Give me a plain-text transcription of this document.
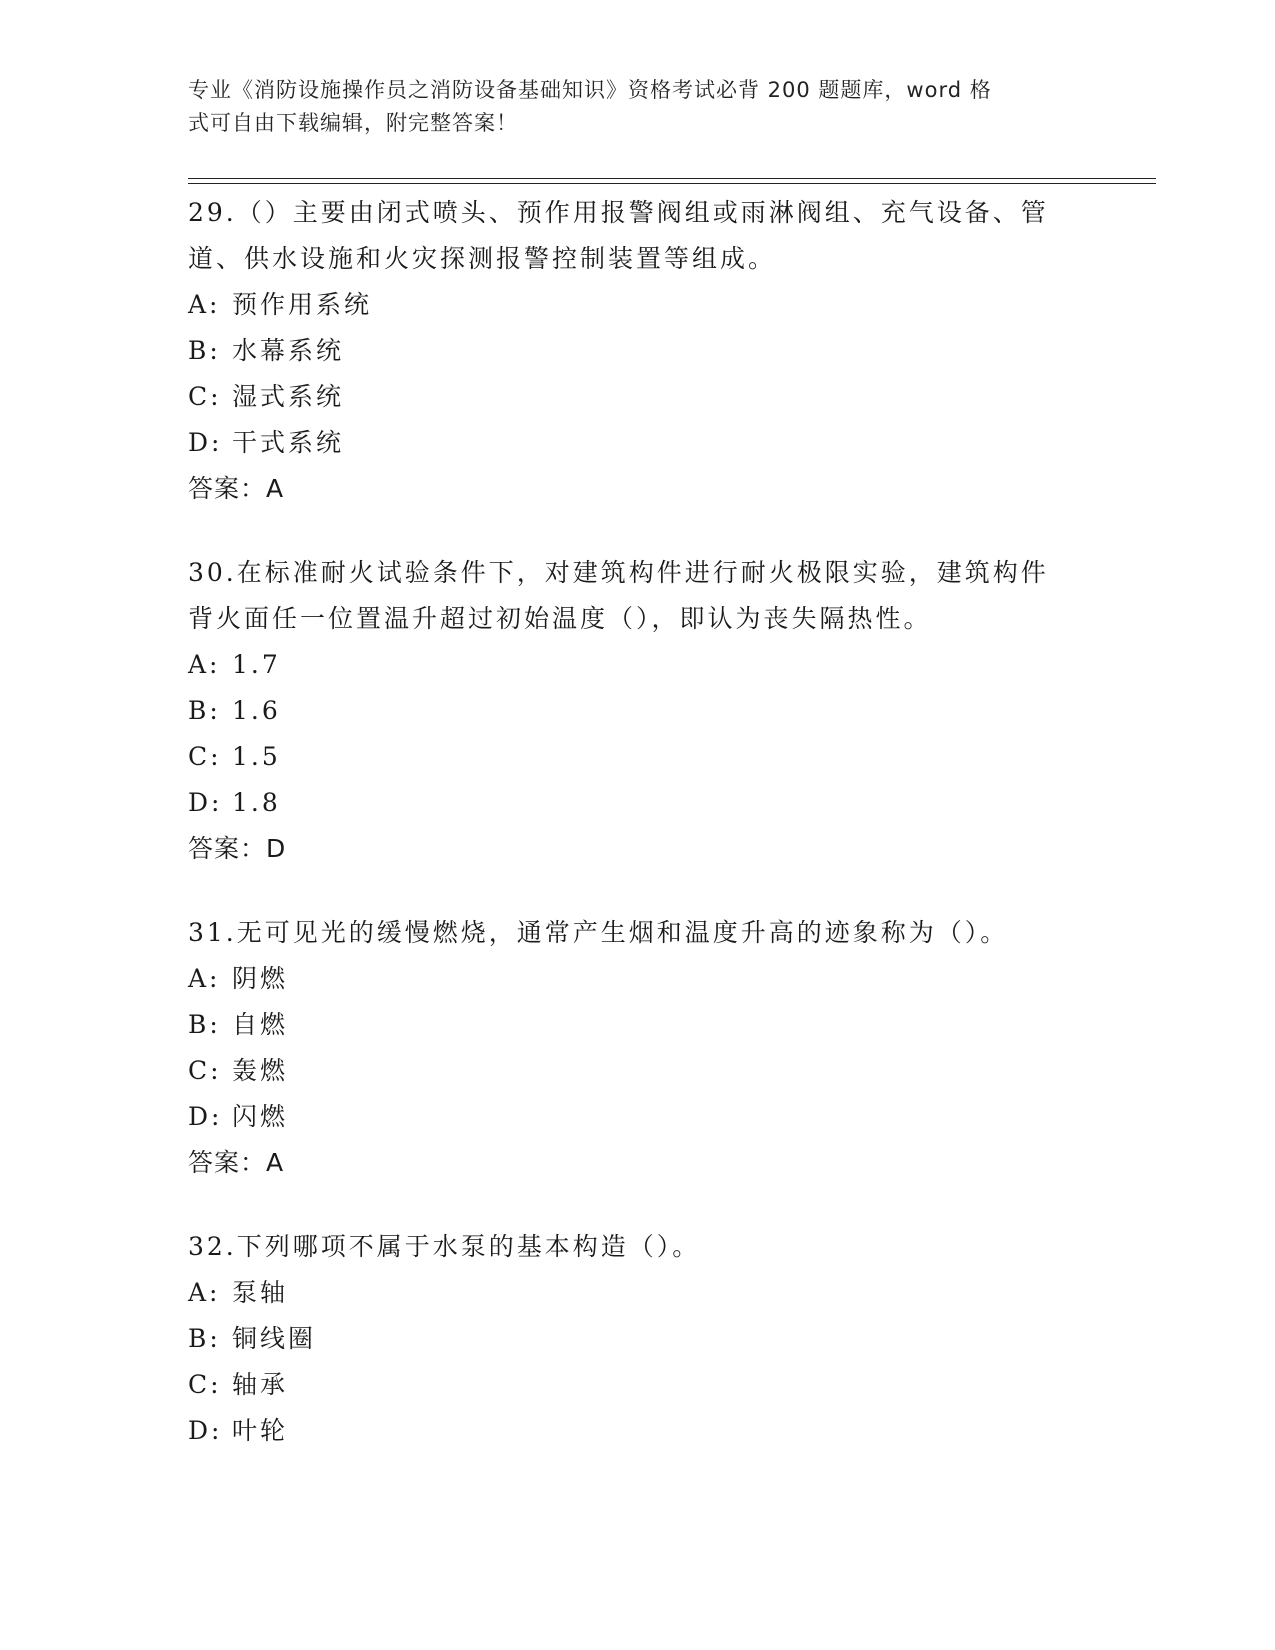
专业《消防设施操作员之消防设备基础知识》资格考试必背 200 题题库，word 格

式可自由下载编辑，附完整答案！

29.（）主要由闭式喷头、预作用报警阀组或雨淋阀组、充气设备、管
道、供水设施和火灾探测报警控制装置等组成。

A: 预作用系统
B: 水幕系统
C: 湿式系统
D: 干式系统

答案：A

30.在标准耐火试验条件下，对建筑构件进行耐火极限实验，建筑构件
背火面任一位置温升超过初始温度（），即认为丧失隔热性。

A: 1.7
B: 1.6
C: 1.5
D: 1.8

答案：D

31.无可见光的缓慢燃烧，通常产生烟和温度升高的迹象称为（）。

A: 阴燃
B: 自燃
C: 轰燃
D: 闪燃

答案：A

32.下列哪项不属于水泵的基本构造（）。

A: 泵轴
B: 铜线圈
C: 轴承
D: 叶轮
